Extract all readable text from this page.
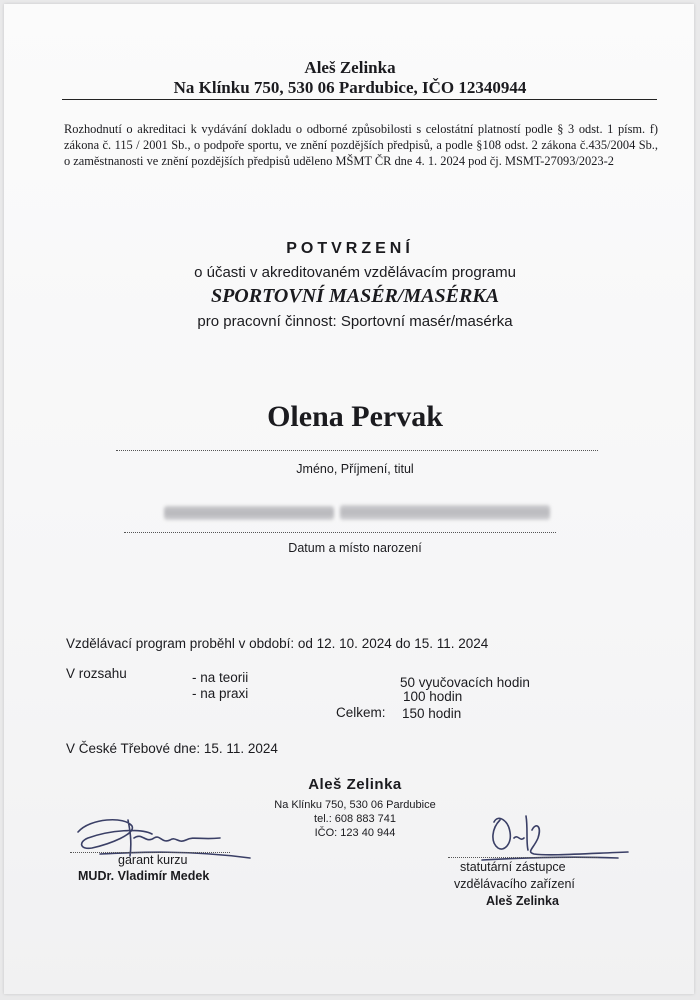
Aleš Zelinka
Na Klínku 750, 530 06 Pardubice, IČO 12340944
Rozhodnutí o akreditaci k vydávání dokladu o odborné způsobilosti s celostátní platností podle § 3 odst. 1 písm. f) zákona č. 115 / 2001 Sb., o podpoře sportu, ve znění pozdějších předpisů, a podle §108 odst. 2 zákona č.435/2004 Sb., o zaměstnanosti ve znění pozdějších předpisů uděleno MŠMT ČR dne 4. 1. 2024 pod čj. MSMT-27093/2023-2
POTVRZENÍ
o účasti v akreditovaném vzdělávacím programu
SPORTOVNÍ MASÉR/MASÉRKA
pro pracovní činnost: Sportovní masér/masérka
Olena Pervak
Jméno, Příjmení, titul
Datum a místo narození
Vzdělávací program proběhl v období: od 12. 10. 2024 do 15. 11. 2024
V rozsahu	- na teorii	50 vyučovacích hodin
- na praxi	100 hodin
Celkem: 150 hodin
V České Třebové dne: 15. 11. 2024
Aleš Zelinka
Na Klínku 750, 530 06 Pardubice
tel.: 608 883 741
IČO: 123 40 944
garant kurzu
MUDr. Vladimír Medek
statutární zástupce
vzdělávacího zařízení
Aleš Zelinka
